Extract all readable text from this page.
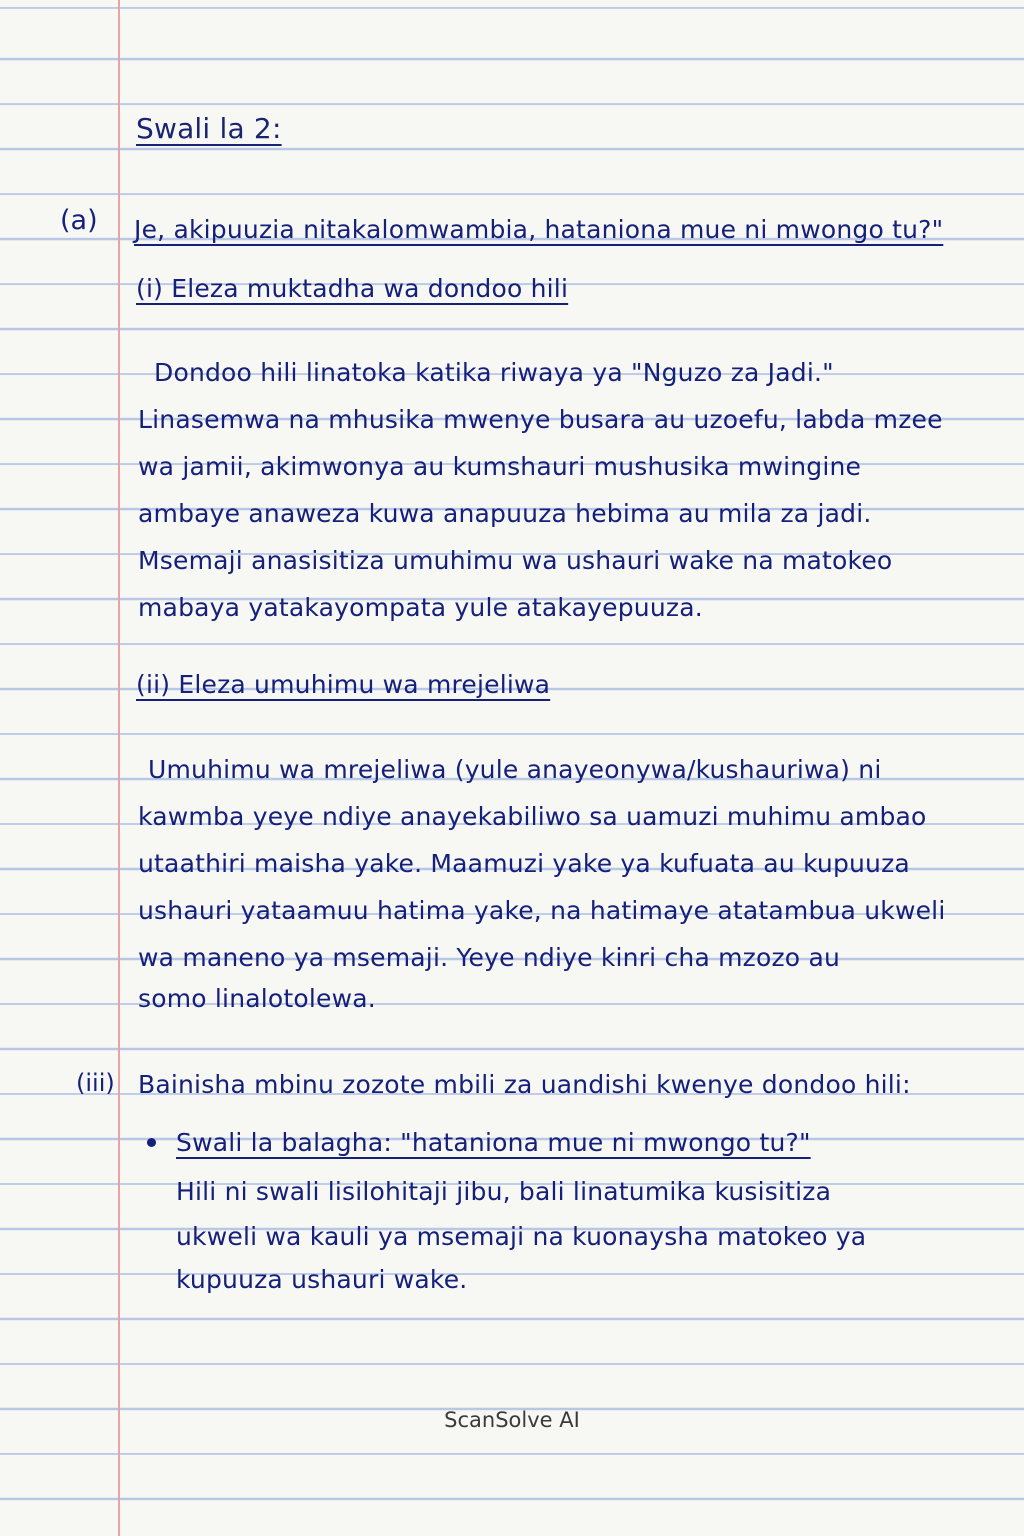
Swali la 2:
(a) Je, akipuuzia nitakalomwambia, hataniona mue ni mwongo tu?"
(i) Eleza muktadha wa dondoo hili
Dondoo hili linatoka katika riwaya ya "Nguzo za Jadi."
Linasemwa na mhusika mwenye busara au uzoefu, labda mzee
wa jamii, akimwonya au kumshauri mushusika mwingine
ambaye anaweza kuwa anapuuza hebima au mila za jadi.
Msemaji anasisitiza umuhimu wa ushauri wake na matokeo
mabaya yatakayompata yule atakayepuuza.
(ii) Eleza umuhimu wa mrejeliwa
Umuhimu wa mrejeliwa (yule anayeonywa/kushauriwa) ni
kawmba yeye ndiye anayekabiliwo sa uamuzi muhimu ambao
utaathiri maisha yake. Maamuzi yake ya kufuata au kupuuza
ushauri yataamuu hatima yake, na hatimaye atatambua ukweli
wa maneno ya msemaji. Yeye ndiye kinri cha mzozo au
somo linalotolewa.
(iii) Bainisha mbinu zozote mbili za uandishi kwenye dondoo hili:
Swali la balagha: "hataniona mue ni mwongo tu?"
Hili ni swali lisilohitaji jibu, bali linatumika kusisitiza
ukweli wa kauli ya msemaji na kuonaysha matokeo ya
kupuuza ushauri wake.
ScanSolve AI
